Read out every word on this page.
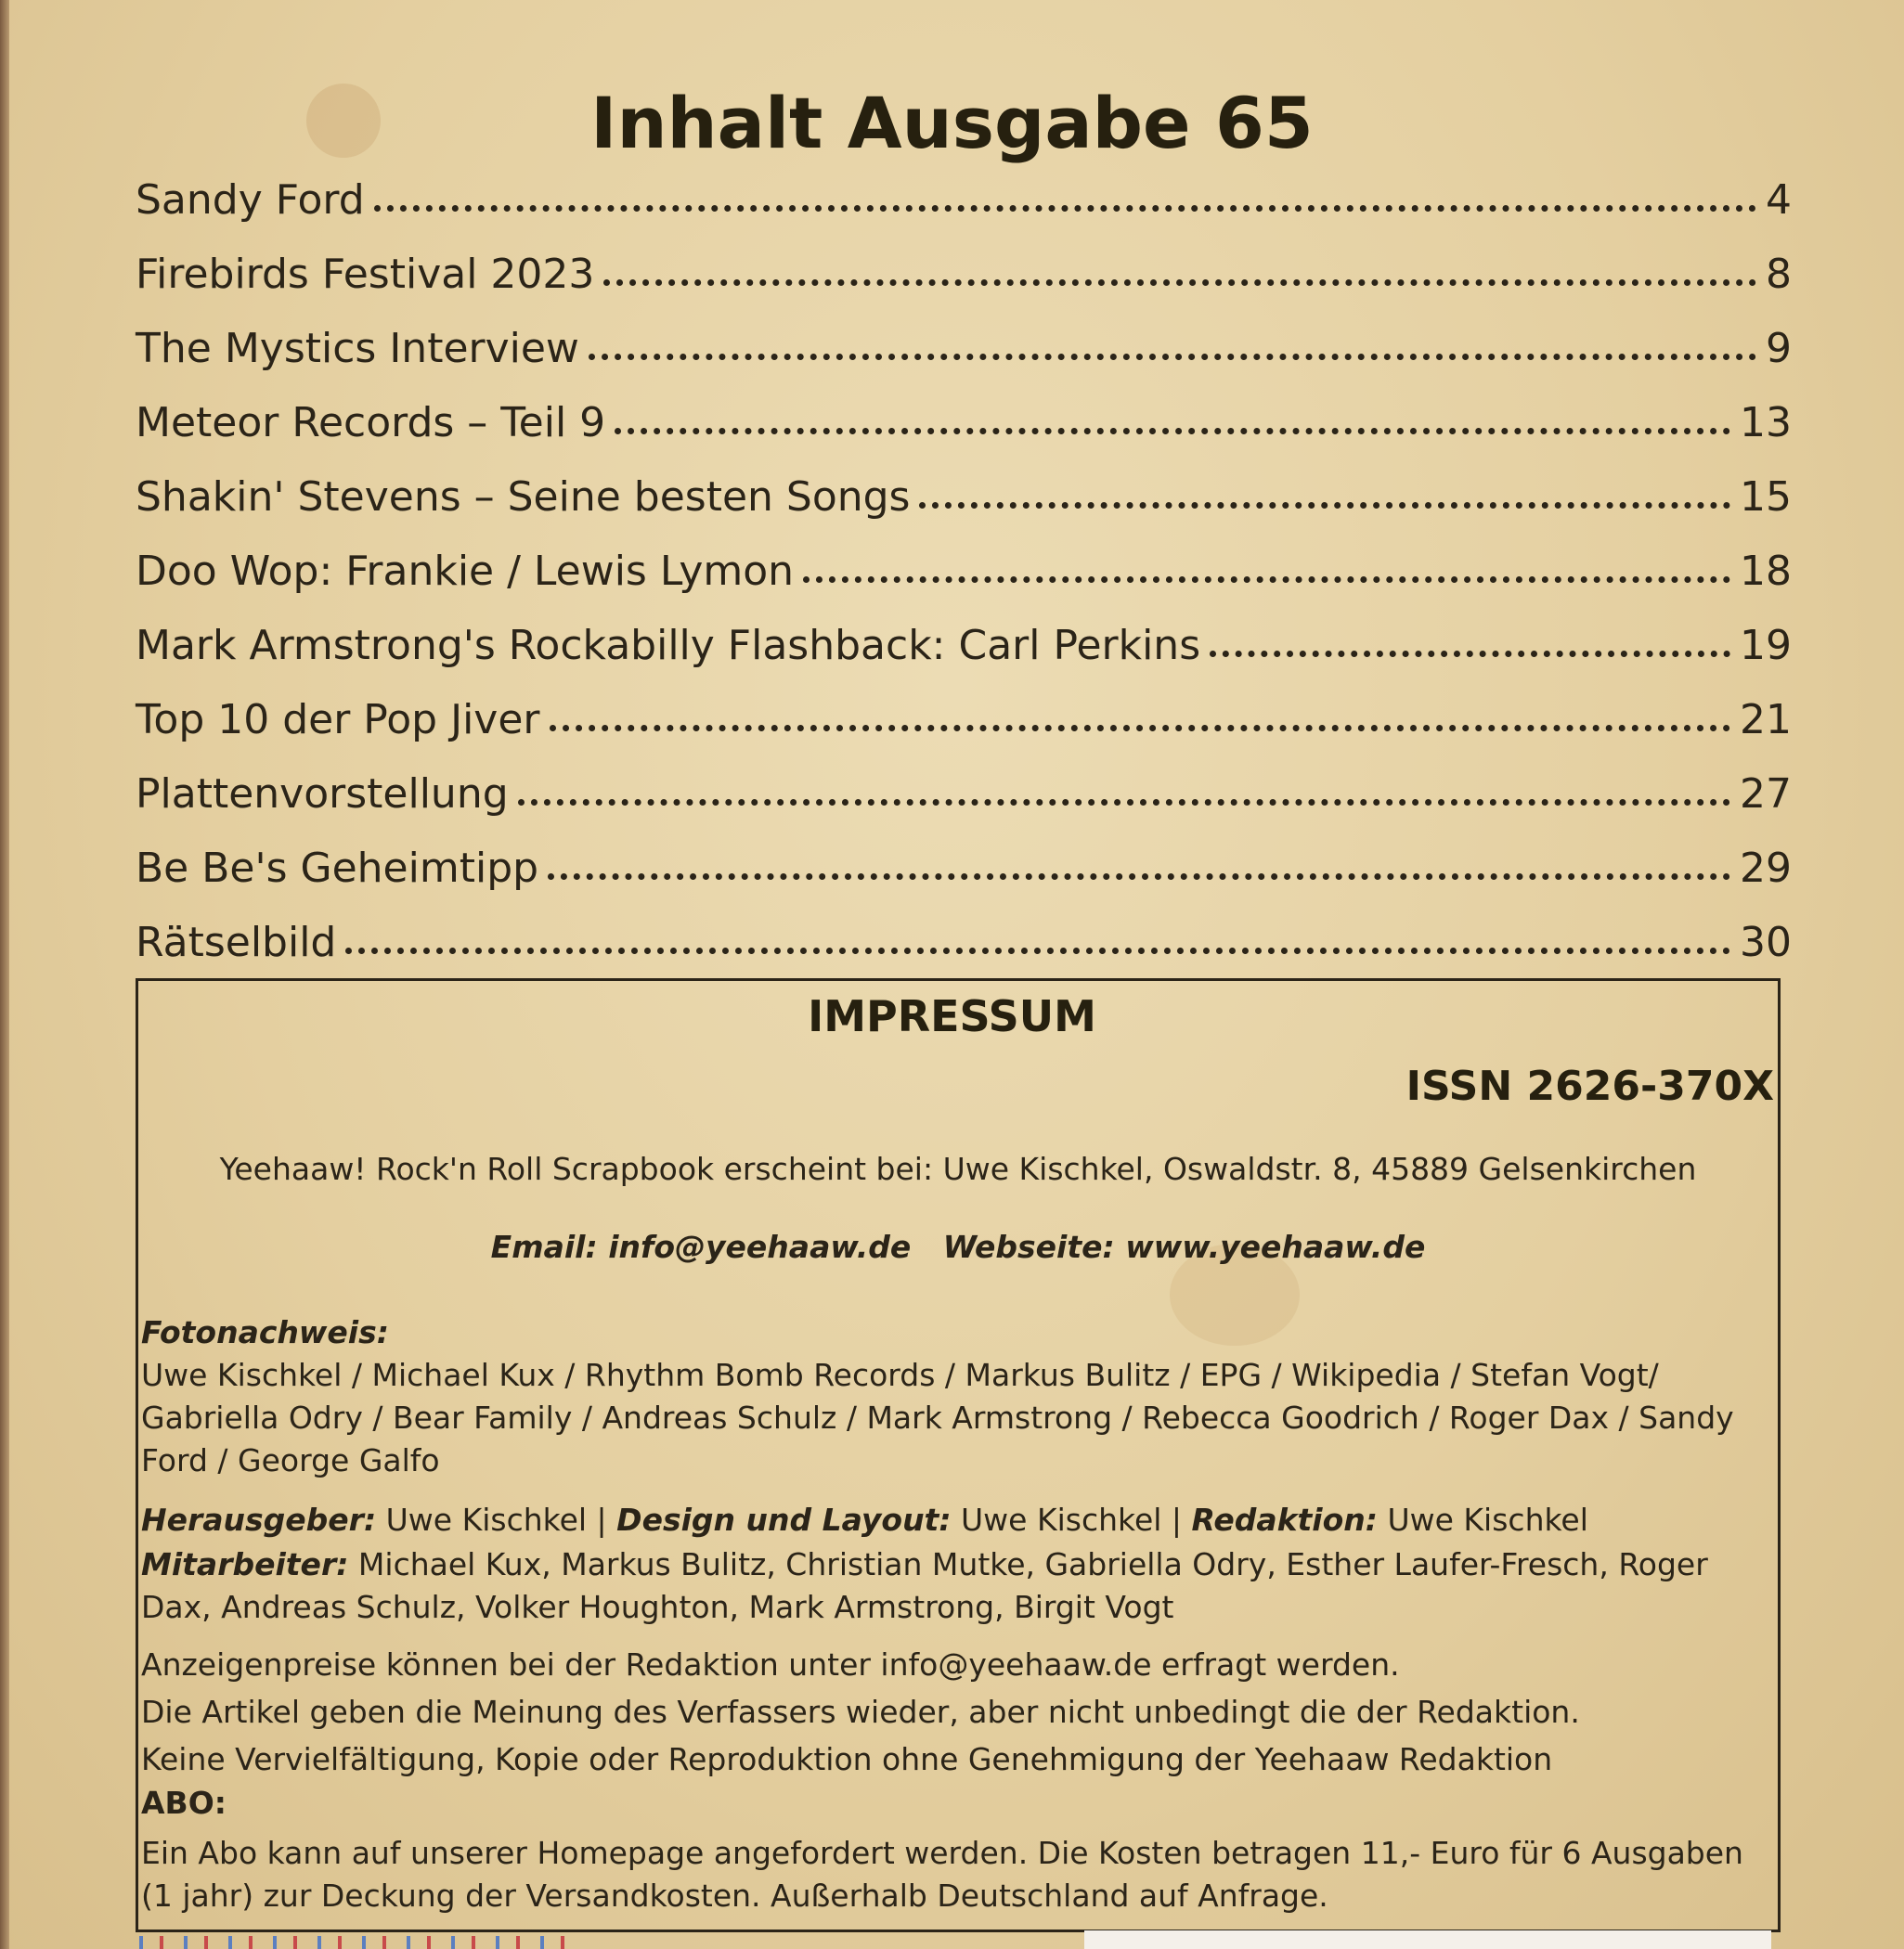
Inhalt Ausgabe 65
Sandy Ford	4
Firebirds Festival 2023	8
The Mystics Interview	9
Meteor Records – Teil 9	13
Shakin' Stevens – Seine besten Songs	15
Doo Wop: Frankie / Lewis Lymon	18
Mark Armstrong's Rockabilly Flashback: Carl Perkins	19
Top 10 der Pop Jiver	21
Plattenvorstellung	27
Be Be's Geheimtipp	29
Rätselbild	30
IMPRESSUM
ISSN 2626-370X
Yeehaaw! Rock'n Roll Scrapbook erscheint bei: Uwe Kischkel, Oswaldstr. 8, 45889 Gelsenkirchen
Email: info@yeehaaw.de Webseite: www.yeehaaw.de
Fotonachweis:
Uwe Kischkel / Michael Kux / Rhythm Bomb Records / Markus Bulitz / EPG / Wikipedia / Stefan Vogt/ Gabriella Odry / Bear Family / Andreas Schulz / Mark Armstrong / Rebecca Goodrich / Roger Dax / Sandy Ford / George Galfo
Herausgeber: Uwe Kischkel | Design und Layout: Uwe Kischkel | Redaktion: Uwe Kischkel
Mitarbeiter: Michael Kux, Markus Bulitz, Christian Mutke, Gabriella Odry, Esther Laufer-Fresch, Roger Dax, Andreas Schulz, Volker Houghton, Mark Armstrong, Birgit Vogt
Anzeigenpreise können bei der Redaktion unter info@yeehaaw.de erfragt werden.
Die Artikel geben die Meinung des Verfassers wieder, aber nicht unbedingt die der Redaktion.
Keine Vervielfältigung, Kopie oder Reproduktion ohne Genehmigung der Yeehaaw Redaktion
ABO:
Ein Abo kann auf unserer Homepage angefordert werden. Die Kosten betragen 11,- Euro für 6 Ausgaben (1 jahr) zur Deckung der Versandkosten. Außerhalb Deutschland auf Anfrage.
